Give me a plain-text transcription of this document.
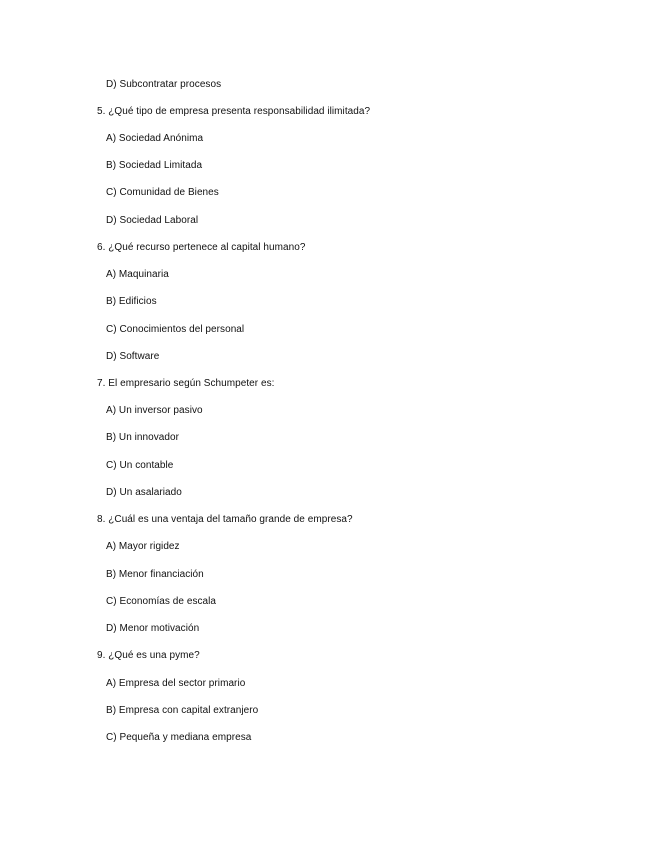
D) Subcontratar procesos
5. ¿Qué tipo de empresa presenta responsabilidad ilimitada?
A) Sociedad Anónima
B) Sociedad Limitada
C) Comunidad de Bienes
D) Sociedad Laboral
6. ¿Qué recurso pertenece al capital humano?
A) Maquinaria
B) Edificios
C) Conocimientos del personal
D) Software
7. El empresario según Schumpeter es:
A) Un inversor pasivo
B) Un innovador
C) Un contable
D) Un asalariado
8. ¿Cuál es una ventaja del tamaño grande de empresa?
A) Mayor rigidez
B) Menor financiación
C) Economías de escala
D) Menor motivación
9. ¿Qué es una pyme?
A) Empresa del sector primario
B) Empresa con capital extranjero
C) Pequeña y mediana empresa
